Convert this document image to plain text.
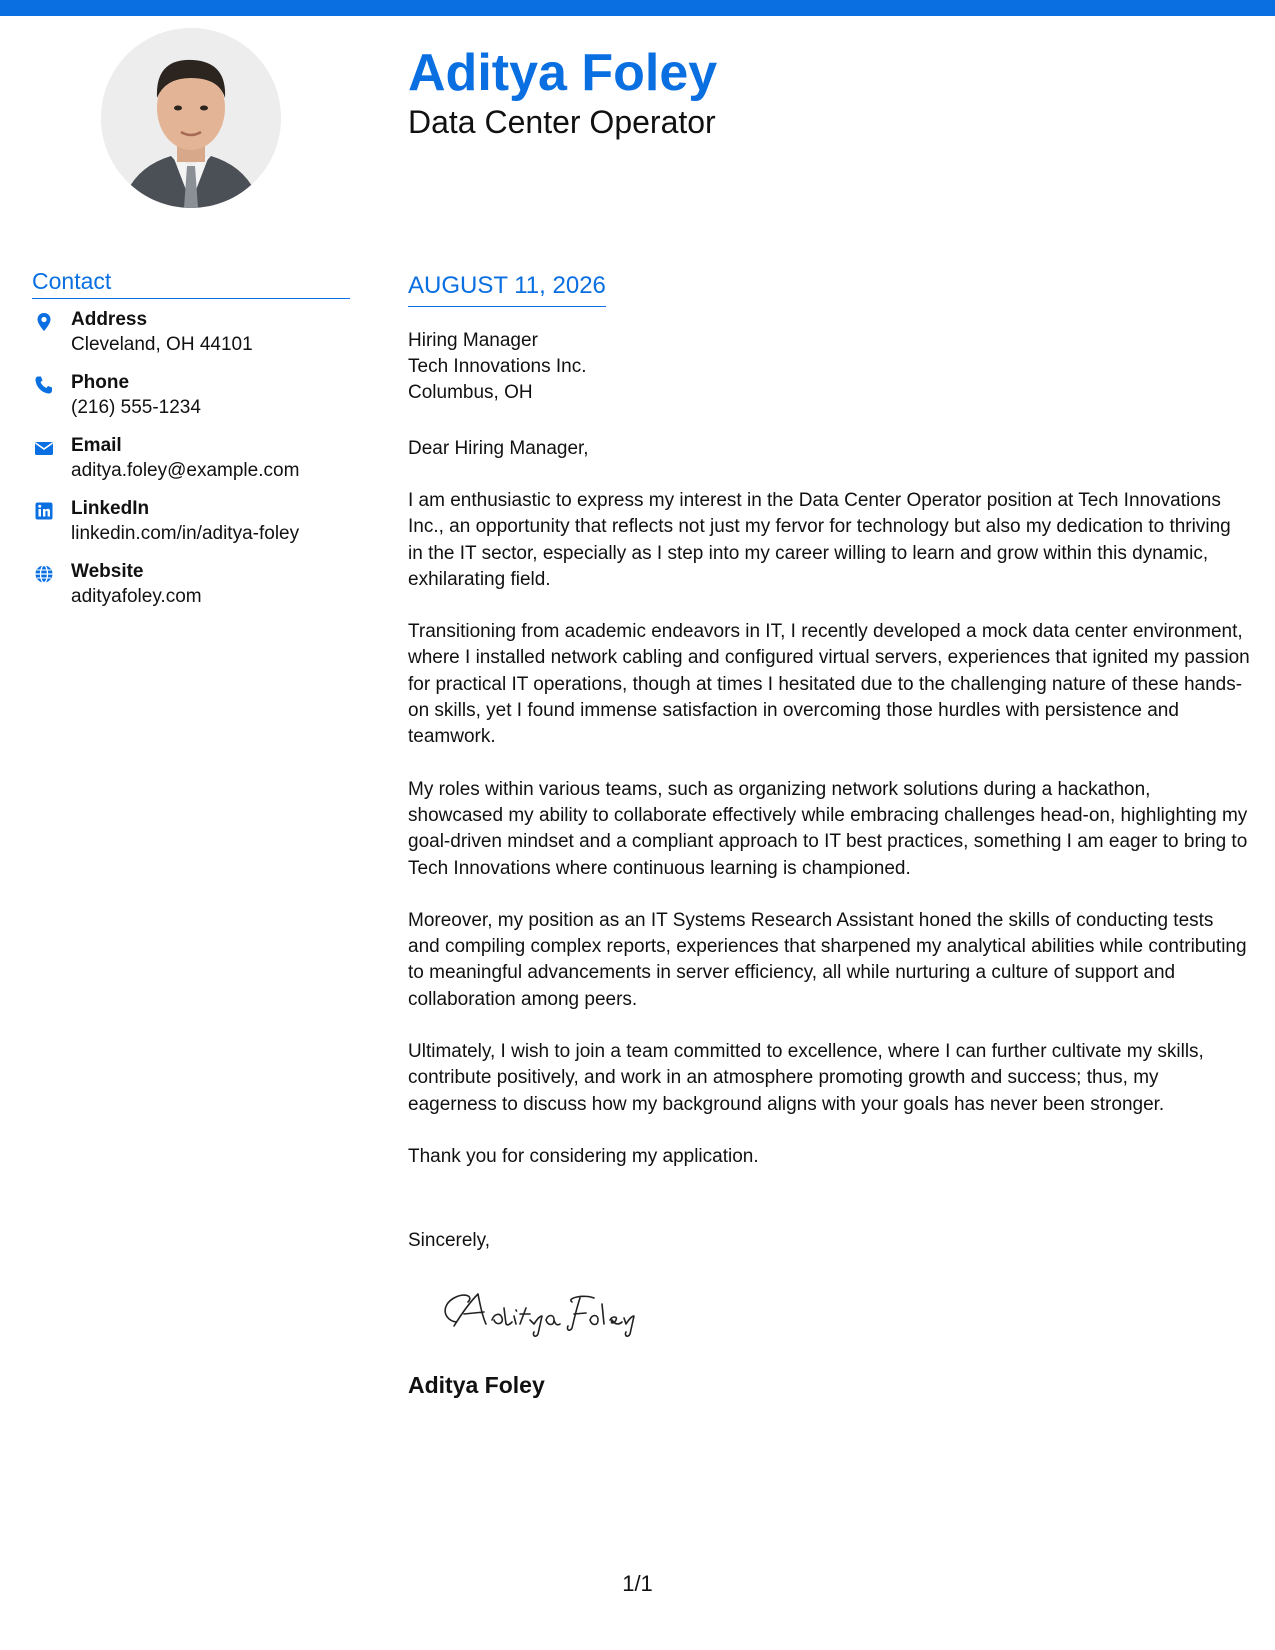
Aditya Foley
Data Center Operator
Contact
Address
Cleveland, OH 44101
Phone
(216) 555-1234
Email
aditya.foley@example.com
LinkedIn
linkedin.com/in/aditya-foley
Website
adityafoley.com
AUGUST 11, 2026
Hiring Manager
Tech Innovations Inc.
Columbus, OH
Dear Hiring Manager,

I am enthusiastic to express my interest in the Data Center Operator position at Tech Innovations Inc., an opportunity that reflects not just my fervor for technology but also my dedication to thriving in the IT sector, especially as I step into my career willing to learn and grow within this dynamic, exhilarating field.

Transitioning from academic endeavors in IT, I recently developed a mock data center environment, where I installed network cabling and configured virtual servers, experiences that ignited my passion for practical IT operations, though at times I hesitated due to the challenging nature of these hands-on skills, yet I found immense satisfaction in overcoming those hurdles with persistence and teamwork.

My roles within various teams, such as organizing network solutions during a hackathon, showcased my ability to collaborate effectively while embracing challenges head-on, highlighting my goal-driven mindset and a compliant approach to IT best practices, something I am eager to bring to Tech Innovations where continuous learning is championed.

Moreover, my position as an IT Systems Research Assistant honed the skills of conducting tests and compiling complex reports, experiences that sharpened my analytical abilities while contributing to meaningful advancements in server efficiency, all while nurturing a culture of support and collaboration among peers.

Ultimately, I wish to join a team committed to excellence, where I can further cultivate my skills, contribute positively, and work in an atmosphere promoting growth and success; thus, my eagerness to discuss how my background aligns with your goals has never been stronger.

Thank you for considering my application.

Sincerely,
Aditya Foley
1/1
